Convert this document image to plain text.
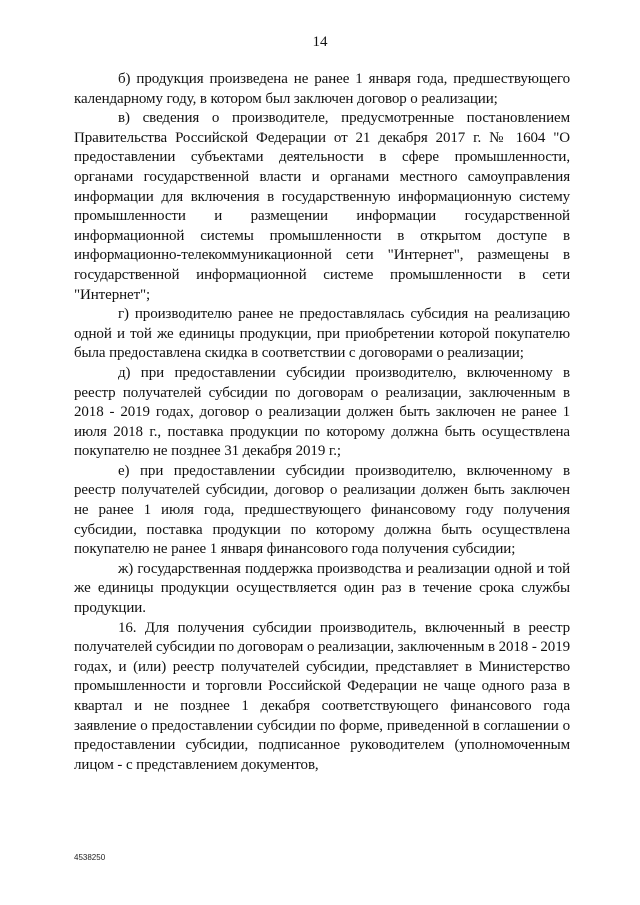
14

б) продукция произведена не ранее 1 января года, предшествующего календарному году, в котором был заключен договор о реализации;

в) сведения о производителе, предусмотренные постановлением Правительства Российской Федерации от 21 декабря 2017 г. № 1604 "О предоставлении субъектами деятельности в сфере промышленности, органами государственной власти и органами местного самоуправления информации для включения в государственную информационную систему промышленности и размещении информации государственной информационной системы промышленности в открытом доступе в информационно-телекоммуникационной сети "Интернет", размещены в государственной информационной системе промышленности в сети "Интернет";

г) производителю ранее не предоставлялась субсидия на реализацию одной и той же единицы продукции, при приобретении которой покупателю была предоставлена скидка в соответствии с договорами о реализации;

д) при предоставлении субсидии производителю, включенному в реестр получателей субсидии по договорам о реализации, заключенным в 2018 - 2019 годах, договор о реализации должен быть заключен не ранее 1 июля 2018 г., поставка продукции по которому должна быть осуществлена покупателю не позднее 31 декабря 2019 г.;

е) при предоставлении субсидии производителю, включенному в реестр получателей субсидии, договор о реализации должен быть заключен не ранее 1 июля года, предшествующего финансовому году получения субсидии, поставка продукции по которому должна быть осуществлена покупателю не ранее 1 января финансового года получения субсидии;

ж) государственная поддержка производства и реализации одной и той же единицы продукции осуществляется один раз в течение срока службы продукции.

16. Для получения субсидии производитель, включенный в реестр получателей субсидии по договорам о реализации, заключенным в 2018 - 2019 годах, и (или) реестр получателей субсидии, представляет в Министерство промышленности и торговли Российской Федерации не чаще одного раза в квартал и не позднее 1 декабря соответствующего финансового года заявление о предоставлении субсидии по форме, приведенной в соглашении о предоставлении субсидии, подписанное руководителем (уполномоченным лицом - с представлением документов,

4538250
